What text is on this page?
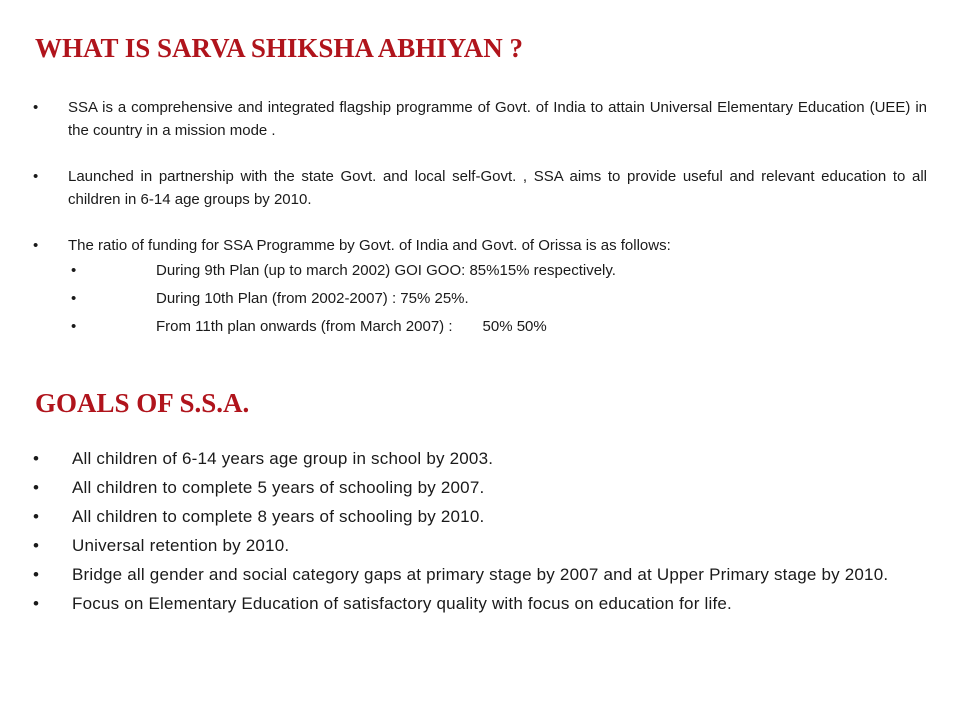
WHAT IS SARVA SHIKSHA ABHIYAN ?
•	SSA is a comprehensive and integrated flagship programme of Govt. of India to attain Universal Elementary Education (UEE) in the country in a mission mode .
•	Launched in partnership with the state Govt. and local self-Govt. , SSA aims to provide useful and relevant education to all children in 6-14 age groups by 2010.
•	The ratio of funding for SSA Programme by Govt. of India and Govt. of Orissa is as follows:
•	During 9th Plan (up to march 2002) GOI GOO: 85%15% respectively.
•	During 10th Plan (from 2002-2007) : 75% 25%.
•	From 11th plan onwards (from March 2007) : 50% 50%
GOALS OF S.S.A.
•	All children of 6-14 years age group in school by 2003.
•	All children to complete 5 years of schooling by 2007.
•	All children to complete 8 years of schooling by 2010.
•	Universal retention by 2010.
•	Bridge all gender and social category gaps at primary stage by 2007 and at Upper Primary stage by 2010.
•	Focus on Elementary Education of satisfactory quality with focus on education for life.
